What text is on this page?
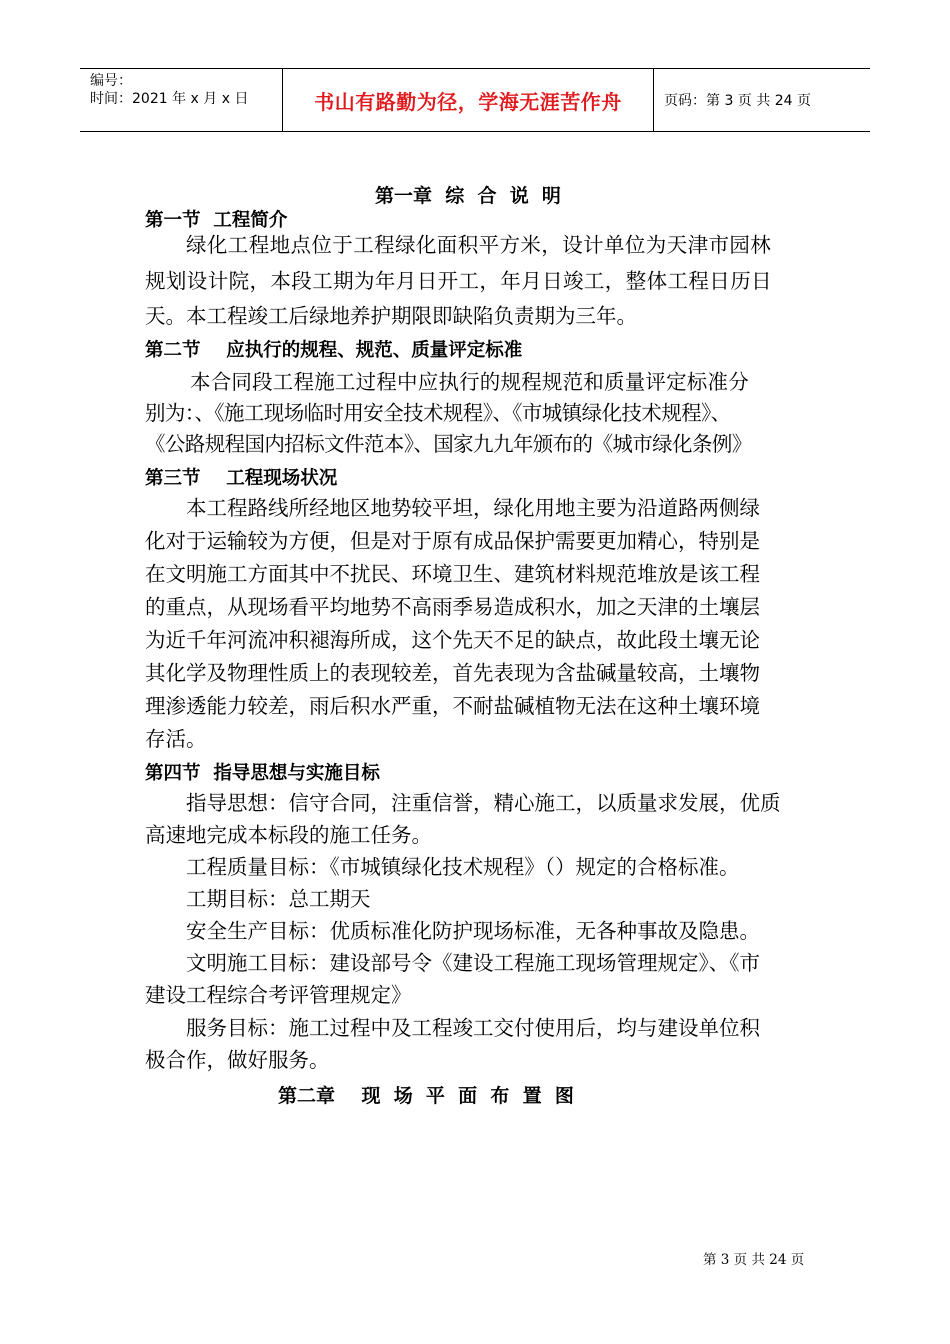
编号：
时间：2021 年 x 月 x 日	书山有路勤为径，学海无涯苦作舟	页码：第 3 页 共 24 页
第一章  综  合  说  明
第一节  工程简介
绿化工程地点位于工程绿化面积平方米，设计单位为天津市园林
规划设计院，本段工期为年月日开工，年月日竣工，整体工程日历日
天。本工程竣工后绿地养护期限即缺陷负责期为三年。
第二节    应执行的规程、规范、质量评定标准
本合同段工程施工过程中应执行的规程规范和质量评定标准分
别为：、《施工现场临时用安全技术规程》、《市城镇绿化技术规程》、
《公路规程国内招标文件范本》、国家九九年颁布的《城市绿化条例》
第三节    工程现场状况
本工程路线所经地区地势较平坦，绿化用地主要为沿道路两侧绿
化对于运输较为方便，但是对于原有成品保护需要更加精心，特别是
在文明施工方面其中不扰民、环境卫生、建筑材料规范堆放是该工程
的重点，从现场看平均地势不高雨季易造成积水，加之天津的土壤层
为近千年河流冲积褪海所成，这个先天不足的缺点，故此段土壤无论
其化学及物理性质上的表现较差，首先表现为含盐碱量较高，土壤物
理渗透能力较差，雨后积水严重，不耐盐碱植物无法在这种土壤环境
存活。
第四节  指导思想与实施目标
指导思想：信守合同，注重信誉，精心施工，以质量求发展，优质
高速地完成本标段的施工任务。
工程质量目标：《市城镇绿化技术规程》（）规定的合格标准。
工期目标：总工期天
安全生产目标：优质标准化防护现场标准，无各种事故及隐患。
文明施工目标：建设部号令《建设工程施工现场管理规定》、《市
建设工程综合考评管理规定》
服务目标：施工过程中及工程竣工交付使用后，均与建设单位积
极合作，做好服务。
第二章    现  场  平  面  布  置  图
第 3 页 共 24 页
